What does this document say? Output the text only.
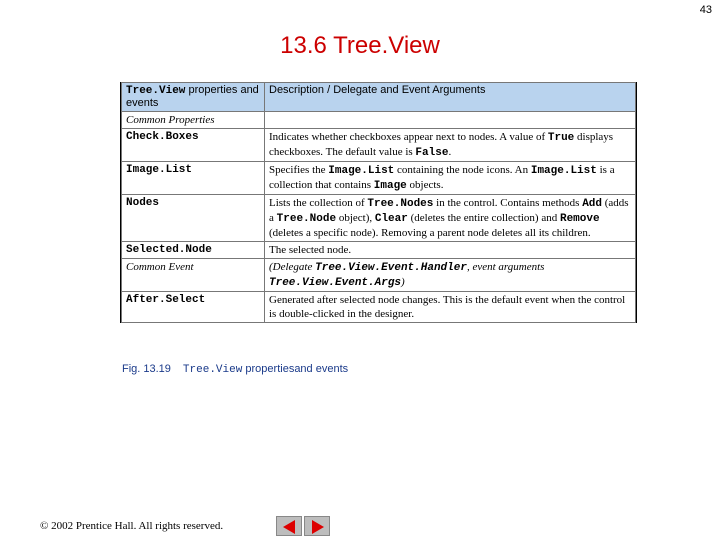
43
13.6 Tree.View
Tree.View properties and events	Description / Delegate and Event Arguments
Common Properties	
Check.Boxes	Indicates whether checkboxes appear next to nodes. A value of True displays checkboxes. The default value is False.
Image.List	Specifies the Image.List containing the node icons. An Image.List is a collection that contains Image objects.
Nodes	Lists the collection of Tree.Nodes in the control. Contains methods Add (adds a Tree.Node object), Clear (deletes the entire collection) and Remove (deletes a specific node). Removing a parent node deletes all its children.
Selected.Node	The selected node.
Common Event	(Delegate Tree.View.Event.Handler, event arguments Tree.View.Event.Args)
After.Select	Generated after selected node changes. This is the default event when the control is double-clicked in the designer.
Fig. 13.19 Tree.View propertiesand events
© 2002 Prentice Hall. All rights reserved.
